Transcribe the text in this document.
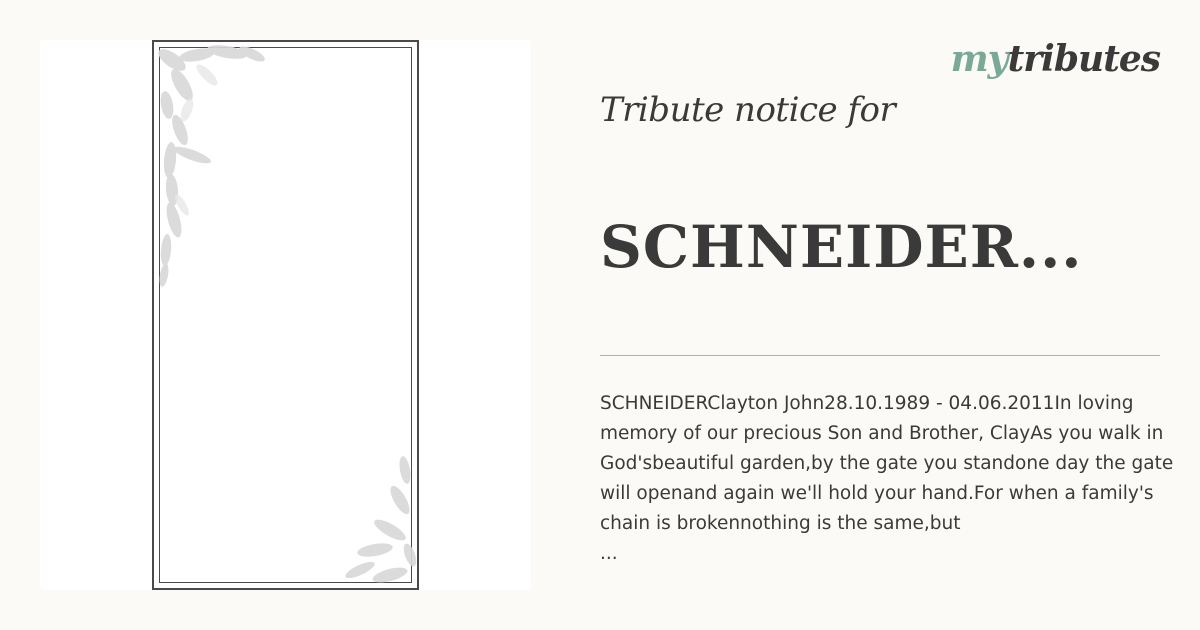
mytributes
Tribute notice for
SCHNEIDER...

SCHNEIDERClayton John28.10.1989 - 04.06.2011In loving memory of our precious Son and Brother, ClayAs you walk in God'sbeautiful garden,by the gate you standone day the gate will openand again we'll hold your hand.For when a family's chain is brokennothing is the same,but
...
